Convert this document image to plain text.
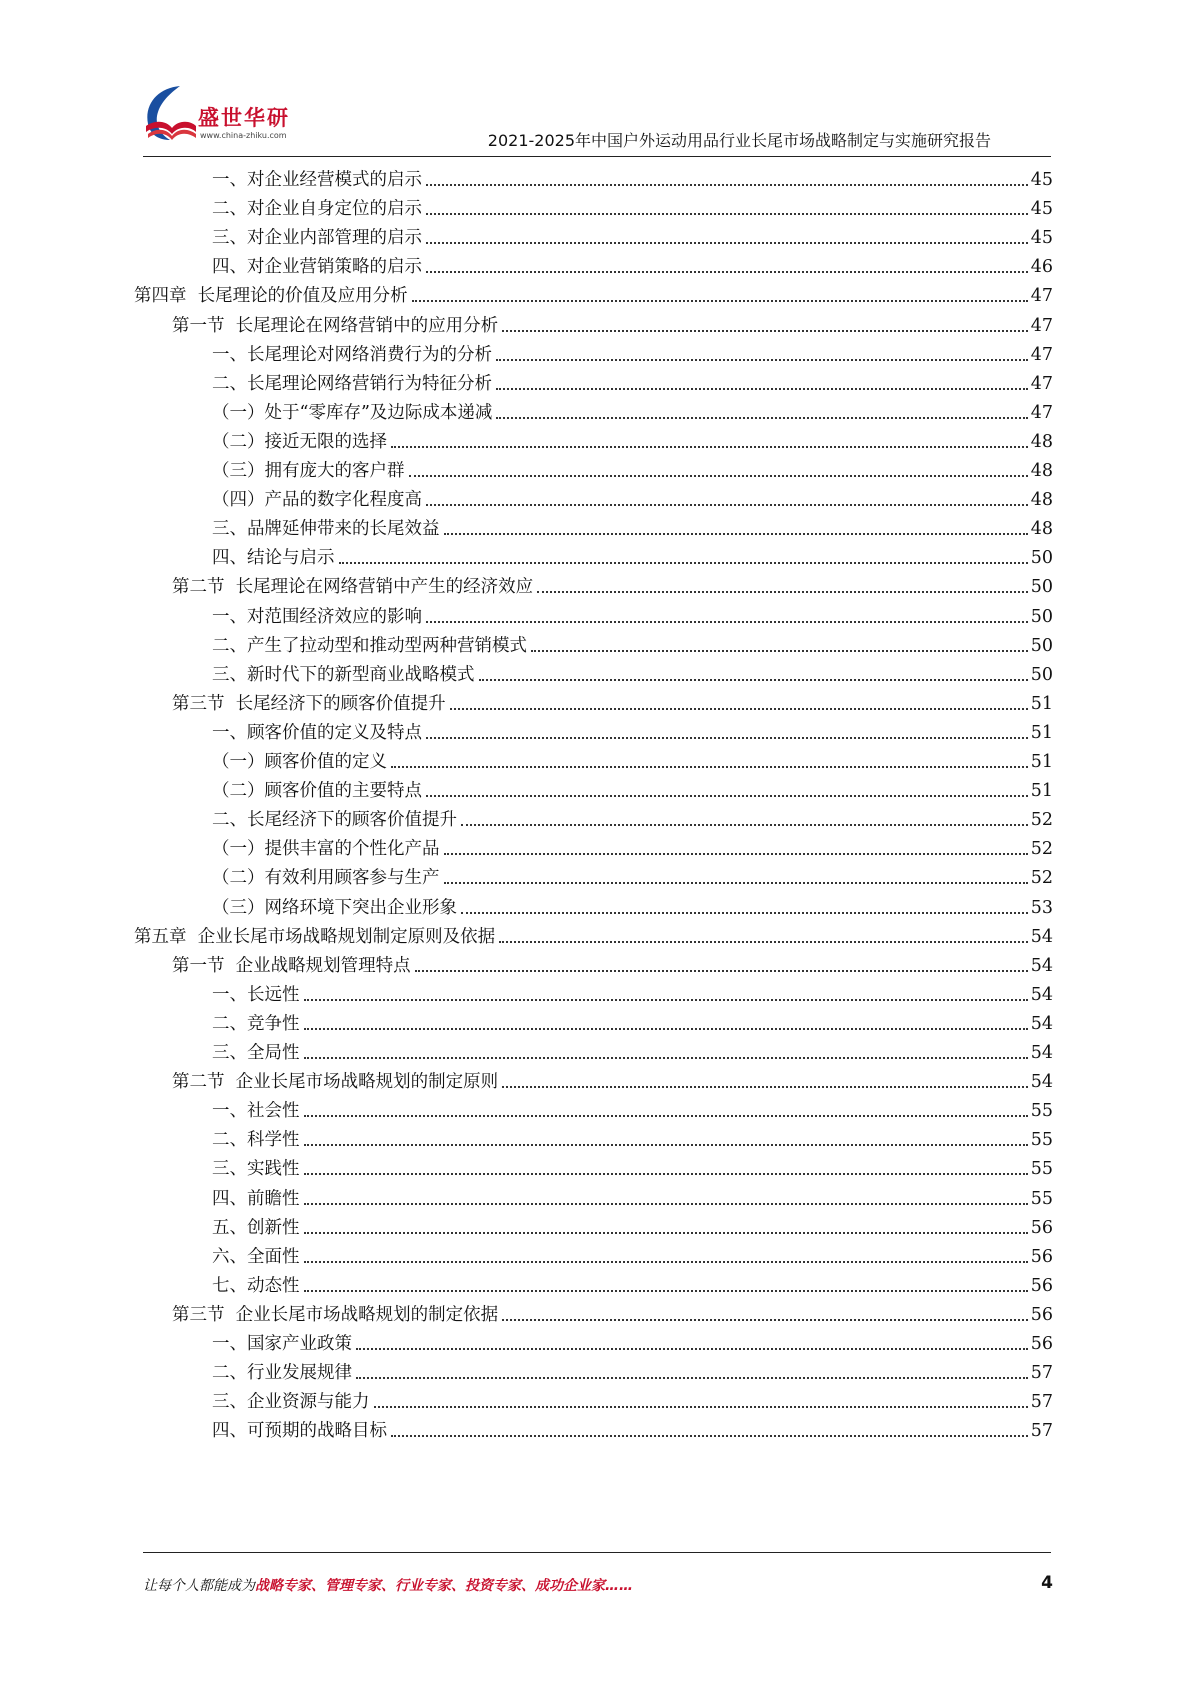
盛世华研
www.china-zhiku.com	2021-2025年中国户外运动用品行业长尾市场战略制定与实施研究报告
一、对企业经营模式的启示	45
二、对企业自身定位的启示	45
三、对企业内部管理的启示	45
四、对企业营销策略的启示	46
第四章  长尾理论的价值及应用分析	47
第一节  长尾理论在网络营销中的应用分析	47
一、长尾理论对网络消费行为的分析	47
二、长尾理论网络营销行为特征分析	47
（一）处于“零库存”及边际成本递减	47
（二）接近无限的选择	48
（三）拥有庞大的客户群	48
（四）产品的数字化程度高	48
三、品牌延伸带来的长尾效益	48
四、结论与启示	50
第二节  长尾理论在网络营销中产生的经济效应	50
一、对范围经济效应的影响	50
二、产生了拉动型和推动型两种营销模式	50
三、新时代下的新型商业战略模式	50
第三节  长尾经济下的顾客价值提升	51
一、顾客价值的定义及特点	51
（一）顾客价值的定义	51
（二）顾客价值的主要特点	51
二、长尾经济下的顾客价值提升	52
（一）提供丰富的个性化产品	52
（二）有效利用顾客参与生产	52
（三）网络环境下突出企业形象	53
第五章  企业长尾市场战略规划制定原则及依据	54
第一节  企业战略规划管理特点	54
一、长远性	54
二、竞争性	54
三、全局性	54
第二节  企业长尾市场战略规划的制定原则	54
一、社会性	55
二、科学性	55
三、实践性	55
四、前瞻性	55
五、创新性	56
六、全面性	56
七、动态性	56
第三节  企业长尾市场战略规划的制定依据	56
一、国家产业政策	56
二、行业发展规律	57
三、企业资源与能力	57
四、可预期的战略目标	57
让每个人都能成为战略专家、管理专家、行业专家、投资专家、成功企业家……	4
